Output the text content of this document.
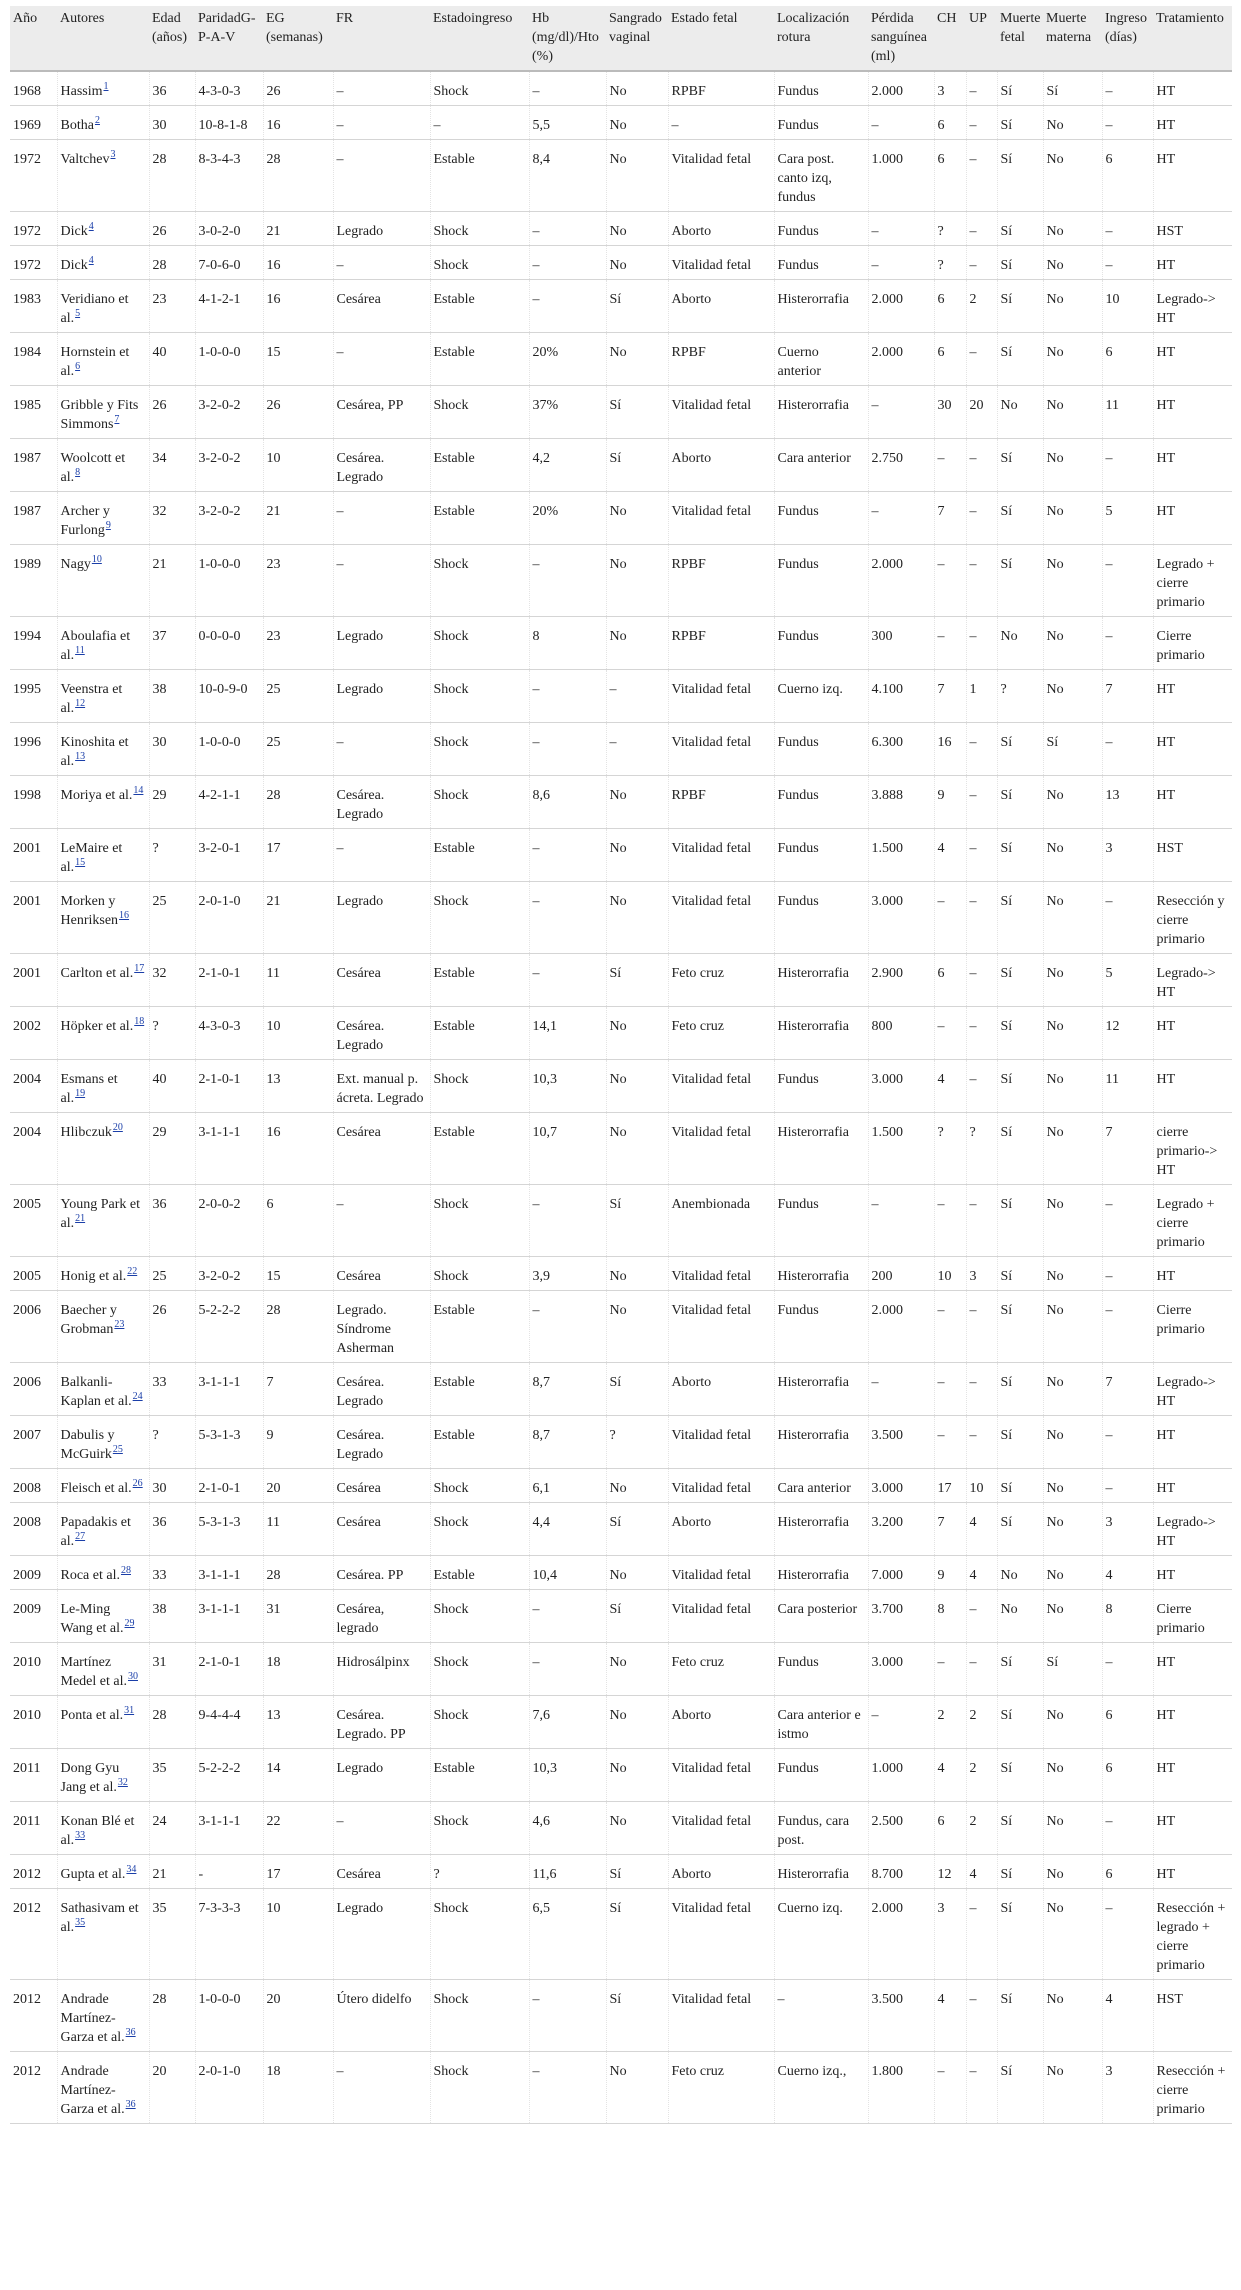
Año	Autores	Edad (años)	ParidadG-P-A-V	EG (semanas)	FR	Estadoingreso	Hb (mg/dl)/Hto (%)	Sangrado vaginal	Estado fetal	Localización rotura	Pérdida sanguínea (ml)	CH	UP	Muerte fetal	Muerte materna	Ingreso (días)	Tratamiento
1968	Hassim$^1$	36	4-3-0-3	26	–	Shock	–	No	RPBF	Fundus	2.000	3	–	Sí	Sí	–	HT
1969	Botha$^2$	30	10-8-1-8	16	–	–	5,5	No	–	Fundus	–	6	–	Sí	No	–	HT
1972	Valtchev$^3$	28	8-3-4-3	28	–	Estable	8,4	No	Vitalidad fetal	Cara post. canto izq, fundus	1.000	6	–	Sí	No	6	HT
1972	Dick$^4$	26	3-0-2-0	21	Legrado	Shock	–	No	Aborto	Fundus	–	?	–	Sí	No	–	HST
1972	Dick$^4$	28	7-0-6-0	16	–	Shock	–	No	Vitalidad fetal	Fundus	–	?	–	Sí	No	–	HT
1983	Veridiano et al.$^5$	23	4-1-2-1	16	Cesárea	Estable	–	Sí	Aborto	Histerorrafia	2.000	6	2	Sí	No	10	Legrado-> HT
1984	Hornstein et al.$^6$	40	1-0-0-0	15	–	Estable	20%	No	RPBF	Cuerno anterior	2.000	6	–	Sí	No	6	HT
1985	Gribble y Fits Simmons$^7$	26	3-2-0-2	26	Cesárea, PP	Shock	37%	Sí	Vitalidad fetal	Histerorrafia	–	30	20	No	No	11	HT
1987	Woolcott et al.$^8$	34	3-2-0-2	10	Cesárea. Legrado	Estable	4,2	Sí	Aborto	Cara anterior	2.750	–	–	Sí	No	–	HT
1987	Archer y Furlong$^9$	32	3-2-0-2	21	–	Estable	20%	No	Vitalidad fetal	Fundus	–	7	–	Sí	No	5	HT
1989	Nagy$^{10}$	21	1-0-0-0	23	–	Shock	–	No	RPBF	Fundus	2.000	–	–	Sí	No	–	Legrado + cierre primario
1994	Aboulafia et al.$^{11}$	37	0-0-0-0	23	Legrado	Shock	8	No	RPBF	Fundus	300	–	–	No	No	–	Cierre primario
1995	Veenstra et al.$^{12}$	38	10-0-9-0	25	Legrado	Shock	–	–	Vitalidad fetal	Cuerno izq.	4.100	7	1	?	No	7	HT
1996	Kinoshita et al.$^{13}$	30	1-0-0-0	25	–	Shock	–	–	Vitalidad fetal	Fundus	6.300	16	–	Sí	Sí	–	HT
1998	Moriya et al.$^{14}$	29	4-2-1-1	28	Cesárea. Legrado	Shock	8,6	No	RPBF	Fundus	3.888	9	–	Sí	No	13	HT
2001	LeMaire et al.$^{15}$	?	3-2-0-1	17	–	Estable	–	No	Vitalidad fetal	Fundus	1.500	4	–	Sí	No	3	HST
2001	Morken y Henriksen$^{16}$	25	2-0-1-0	21	Legrado	Shock	–	No	Vitalidad fetal	Fundus	3.000	–	–	Sí	No	–	Resección y cierre primario
2001	Carlton et al.$^{17}$	32	2-1-0-1	11	Cesárea	Estable	–	Sí	Feto cruz	Histerorrafia	2.900	6	–	Sí	No	5	Legrado-> HT
2002	Höpker et al.$^{18}$	?	4-3-0-3	10	Cesárea. Legrado	Estable	14,1	No	Feto cruz	Histerorrafia	800	–	–	Sí	No	12	HT
2004	Esmans et al.$^{19}$	40	2-1-0-1	13	Ext. manual p. ácreta. Legrado	Shock	10,3	No	Vitalidad fetal	Fundus	3.000	4	–	Sí	No	11	HT
2004	Hlibczuk$^{20}$	29	3-1-1-1	16	Cesárea	Estable	10,7	No	Vitalidad fetal	Histerorrafia	1.500	?	?	Sí	No	7	cierre primario-> HT
2005	Young Park et al.$^{21}$	36	2-0-0-2	6	–	Shock	–	Sí	Anembionada	Fundus	–	–	–	Sí	No	–	Legrado + cierre primario
2005	Honig et al.$^{22}$	25	3-2-0-2	15	Cesárea	Shock	3,9	No	Vitalidad fetal	Histerorrafia	200	10	3	Sí	No	–	HT
2006	Baecher y Grobman$^{23}$	26	5-2-2-2	28	Legrado. Síndrome Asherman	Estable	–	No	Vitalidad fetal	Fundus	2.000	–	–	Sí	No	–	Cierre primario
2006	Balkanli-Kaplan et al.$^{24}$	33	3-1-1-1	7	Cesárea. Legrado	Estable	8,7	Sí	Aborto	Histerorrafia	–	–	–	Sí	No	7	Legrado-> HT
2007	Dabulis y McGuirk$^{25}$	?	5-3-1-3	9	Cesárea. Legrado	Estable	8,7	?	Vitalidad fetal	Histerorrafia	3.500	–	–	Sí	No	–	HT
2008	Fleisch et al.$^{26}$	30	2-1-0-1	20	Cesárea	Shock	6,1	No	Vitalidad fetal	Cara anterior	3.000	17	10	Sí	No	–	HT
2008	Papadakis et al.$^{27}$	36	5-3-1-3	11	Cesárea	Shock	4,4	Sí	Aborto	Histerorrafia	3.200	7	4	Sí	No	3	Legrado-> HT
2009	Roca et al.$^{28}$	33	3-1-1-1	28	Cesárea. PP	Estable	10,4	No	Vitalidad fetal	Histerorrafia	7.000	9	4	No	No	4	HT
2009	Le-Ming Wang et al.$^{29}$	38	3-1-1-1	31	Cesárea, legrado	Shock	–	Sí	Vitalidad fetal	Cara posterior	3.700	8	–	No	No	8	Cierre primario
2010	Martínez Medel et al.$^{30}$	31	2-1-0-1	18	Hidrosálpinx	Shock	–	No	Feto cruz	Fundus	3.000	–	–	Sí	Sí	–	HT
2010	Ponta et al.$^{31}$	28	9-4-4-4	13	Cesárea. Legrado. PP	Shock	7,6	No	Aborto	Cara anterior e istmo	–	2	2	Sí	No	6	HT
2011	Dong Gyu Jang et al.$^{32}$	35	5-2-2-2	14	Legrado	Estable	10,3	No	Vitalidad fetal	Fundus	1.000	4	2	Sí	No	6	HT
2011	Konan Blé et al.$^{33}$	24	3-1-1-1	22	–	Shock	4,6	No	Vitalidad fetal	Fundus, cara post.	2.500	6	2	Sí	No	–	HT
2012	Gupta et al.$^{34}$	21	-	17	Cesárea	?	11,6	Sí	Aborto	Histerorrafia	8.700	12	4	Sí	No	6	HT
2012	Sathasivam et al.$^{35}$	35	7-3-3-3	10	Legrado	Shock	6,5	Sí	Vitalidad fetal	Cuerno izq.	2.000	3	–	Sí	No	–	Resección + legrado + cierre primario
2012	Andrade Martínez-Garza et al.$^{36}$	28	1-0-0-0	20	Útero didelfo	Shock	–	Sí	Vitalidad fetal	–	3.500	4	–	Sí	No	4	HST
2012	Andrade Martínez-Garza et al.$^{36}$	20	2-0-1-0	18	–	Shock	–	No	Feto cruz	Cuerno izq.,	1.800	–	–	Sí	No	3	Resección + cierre primario
